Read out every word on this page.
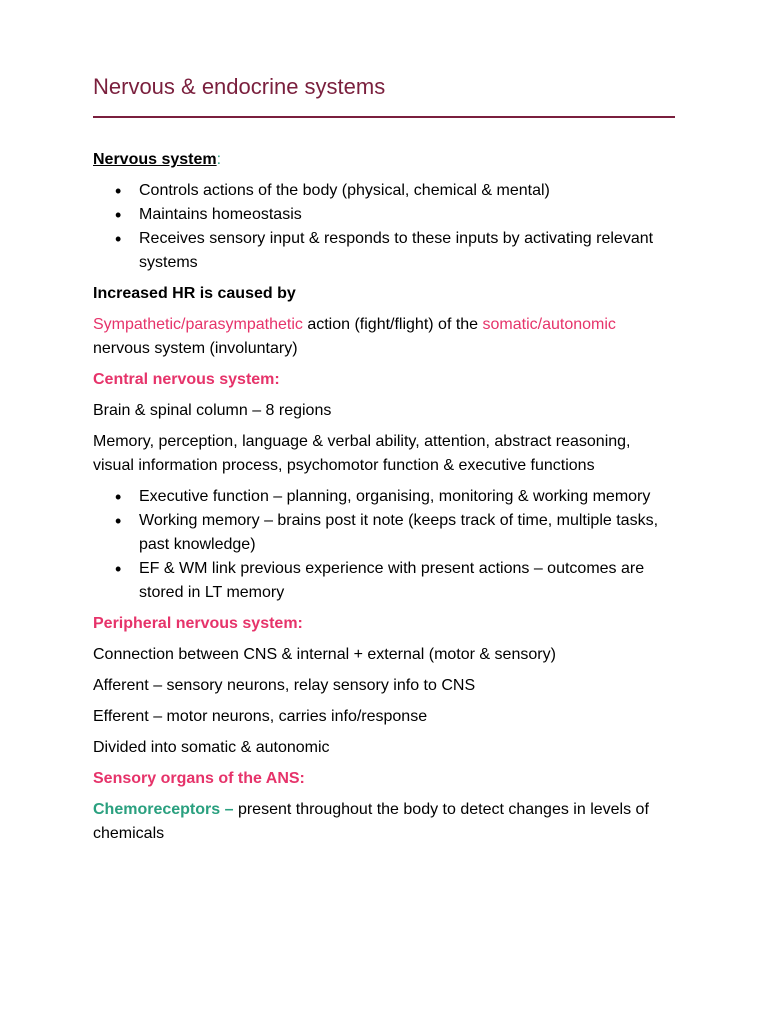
Nervous & endocrine systems

Nervous system:

• Controls actions of the body (physical, chemical & mental)
• Maintains homeostasis
• Receives sensory input & responds to these inputs by activating relevant systems

Increased HR is caused by

Sympathetic/parasympathetic action (fight/flight) of the somatic/autonomic nervous system (involuntary)

Central nervous system:

Brain & spinal column – 8 regions

Memory, perception, language & verbal ability, attention, abstract reasoning, visual information process, psychomotor function & executive functions

• Executive function – planning, organising, monitoring & working memory
• Working memory – brains post it note (keeps track of time, multiple tasks, past knowledge)
• EF & WM link previous experience with present actions – outcomes are stored in LT memory

Peripheral nervous system:

Connection between CNS & internal + external (motor & sensory)

Afferent – sensory neurons, relay sensory info to CNS

Efferent – motor neurons, carries info/response

Divided into somatic & autonomic

Sensory organs of the ANS:

Chemoreceptors – present throughout the body to detect changes in levels of chemicals
